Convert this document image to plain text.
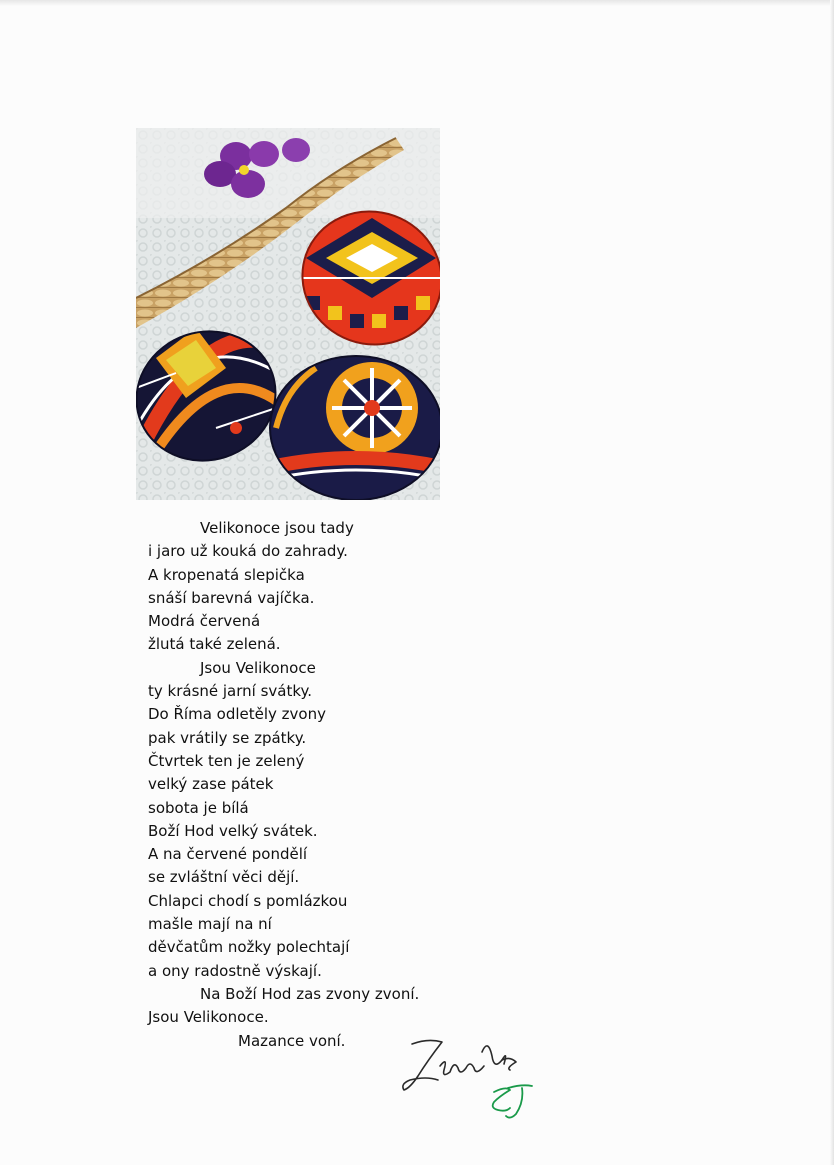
Velikonoce jsou tady
i jaro už kouká do zahrady.
A kropenatá slepička
snáší barevná vajíčka.
Modrá červená
žlutá také zelená.
Jsou Velikonoce
ty krásné jarní svátky.
Do Říma odletěly zvony
pak vrátily se zpátky.
Čtvrtek ten je zelený
velký zase pátek
sobota je bílá
Boží Hod velký svátek.
A na červené pondělí
se zvláštní věci dějí.
Chlapci chodí s pomlázkou
mašle mají na ní
děvčatům nožky polechtají
a ony radostně výskají.
Na Boží Hod zas zvony zvoní.
Jsou Velikonoce.
Mazance voní.
